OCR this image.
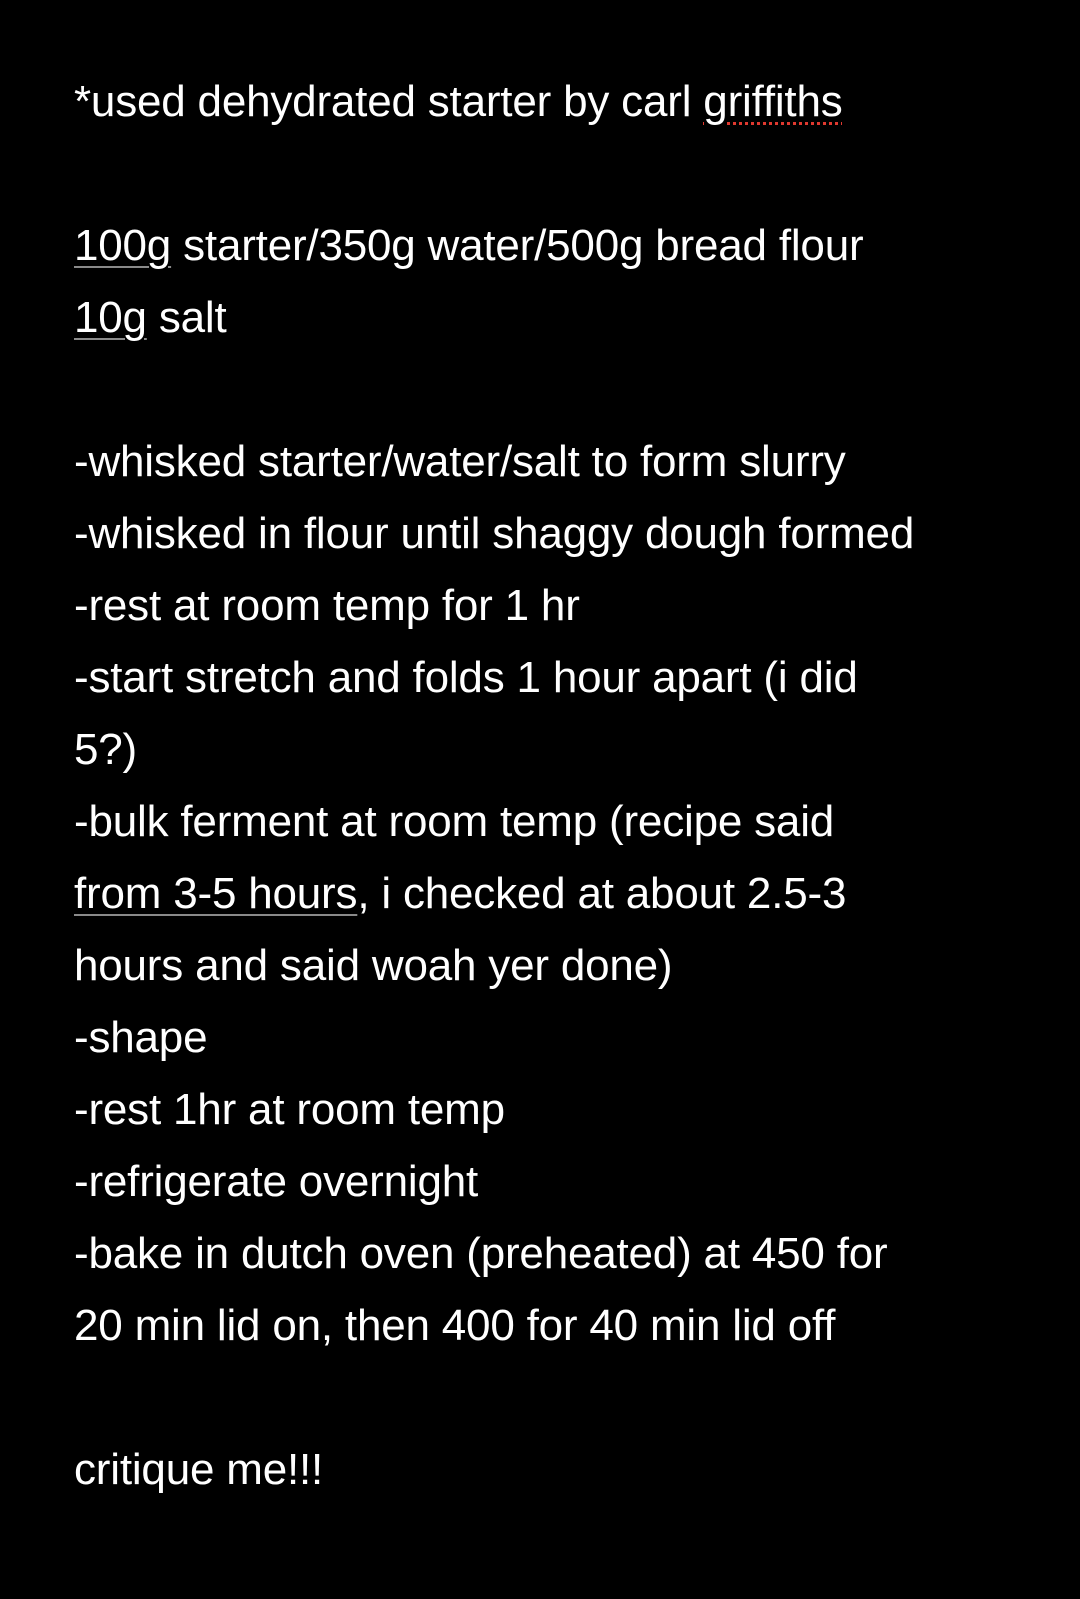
*used dehydrated starter by carl griffiths
100g starter/350g water/500g bread flour
10g salt
-whisked starter/water/salt to form slurry
-whisked in flour until shaggy dough formed
-rest at room temp for 1 hr
-start stretch and folds 1 hour apart (i did
5?)
-bulk ferment at room temp (recipe said
from 3-5 hours, i checked at about 2.5-3
hours and said woah yer done)
-shape
-rest 1hr at room temp
-refrigerate overnight
-bake in dutch oven (preheated) at 450 for
20 min lid on, then 400 for 40 min lid off
critique me!!!
